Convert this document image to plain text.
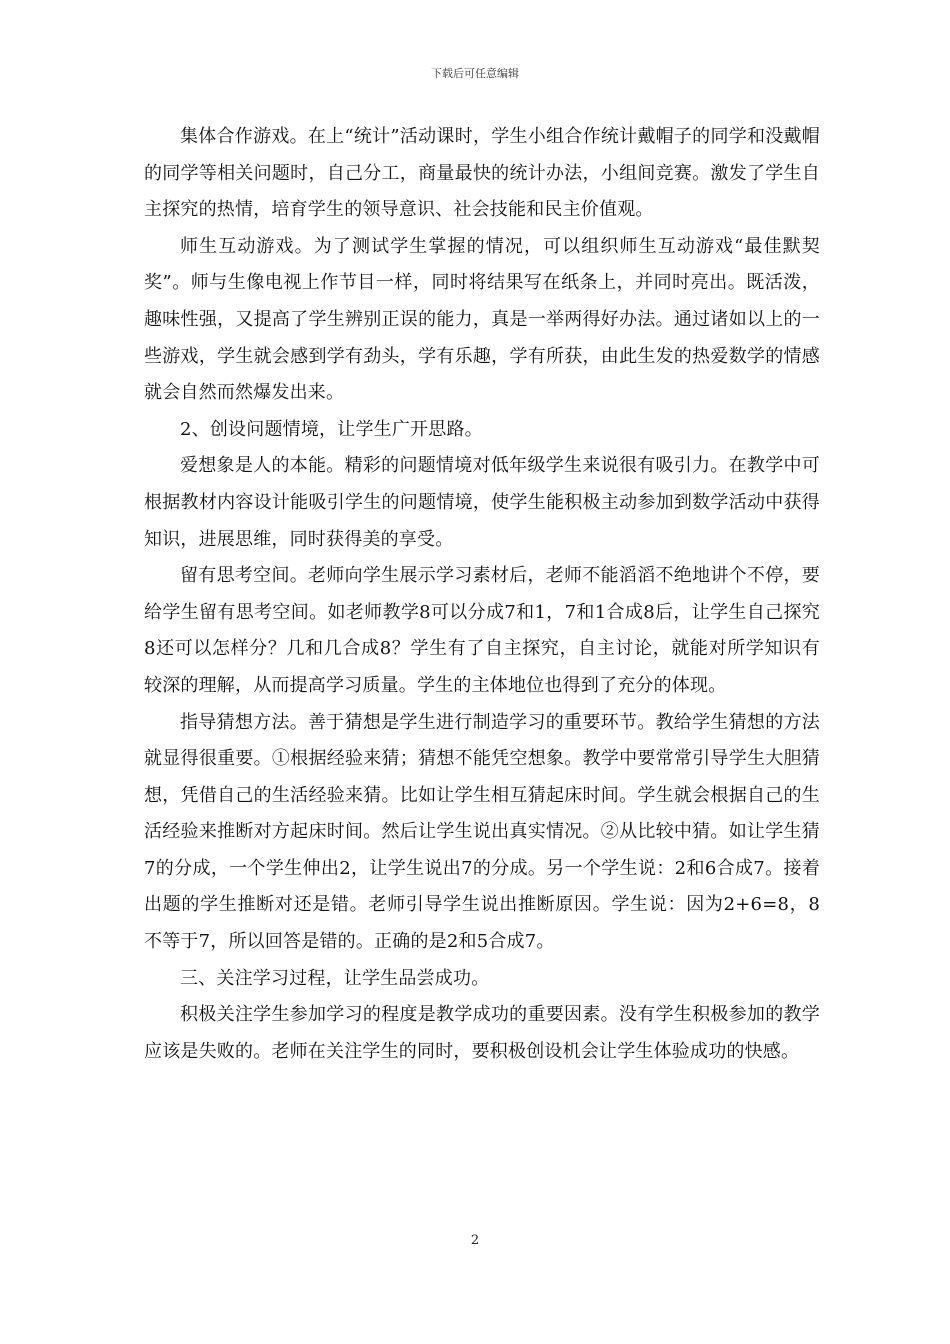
下载后可任意编辑

集体合作游戏。在上“统计”活动课时，学生小组合作统计戴帽子的同学和没戴帽的同学等相关问题时，自己分工，商量最快的统计办法，小组间竞赛。激发了学生自主探究的热情，培育学生的领导意识、社会技能和民主价值观。

师生互动游戏。为了测试学生掌握的情况，可以组织师生互动游戏“最佳默契奖”。师与生像电视上作节目一样，同时将结果写在纸条上，并同时亮出。既活泼，趣味性强，又提高了学生辨别正误的能力，真是一举两得好办法。通过诸如以上的一些游戏，学生就会感到学有劲头，学有乐趣，学有所获，由此生发的热爱数学的情感就会自然而然爆发出来。

2、创设问题情境，让学生广开思路。

爱想象是人的本能。精彩的问题情境对低年级学生来说很有吸引力。在教学中可根据教材内容设计能吸引学生的问题情境，使学生能积极主动参加到数学活动中获得知识，进展思维，同时获得美的享受。

留有思考空间。老师向学生展示学习素材后，老师不能滔滔不绝地讲个不停，要给学生留有思考空间。如老师教学8可以分成7和1，7和1合成8后，让学生自己探究8还可以怎样分？几和几合成8？学生有了自主探究，自主讨论，就能对所学知识有较深的理解，从而提高学习质量。学生的主体地位也得到了充分的体现。

指导猜想方法。善于猜想是学生进行制造学习的重要环节。教给学生猜想的方法就显得很重要。①根据经验来猜；猜想不能凭空想象。教学中要常常引导学生大胆猜想，凭借自己的生活经验来猜。比如让学生相互猜起床时间。学生就会根据自己的生活经验来推断对方起床时间。然后让学生说出真实情况。②从比较中猜。如让学生猜7的分成，一个学生伸出2，让学生说出7的分成。另一个学生说：2和6合成7。接着出题的学生推断对还是错。老师引导学生说出推断原因。学生说：因为2+6=8，8不等于7，所以回答是错的。正确的是2和5合成7。

三、关注学习过程，让学生品尝成功。

积极关注学生参加学习的程度是教学成功的重要因素。没有学生积极参加的教学应该是失败的。老师在关注学生的同时，要积极创设机会让学生体验成功的快感。

2
